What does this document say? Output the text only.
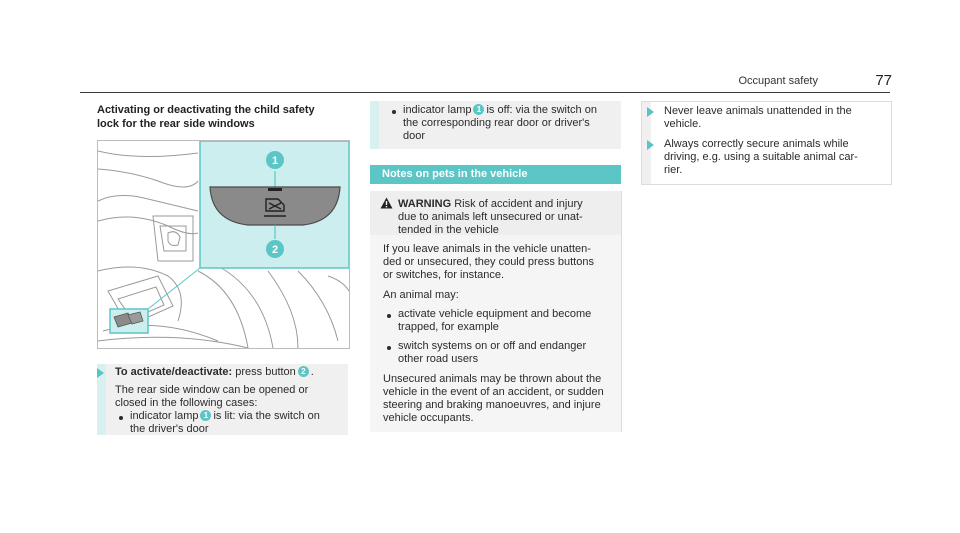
Occupant safety	77
Activating or deactivating the child safety
lock for the rear side windows
1
2
To activate/deactivate: press button 2 .
The rear side window can be opened or
closed in the following cases:
indicator lamp 1 is lit: via the switch on
the driver's door
indicator lamp 1 is off: via the switch on
the corresponding rear door or driver's
door
Notes on pets in the vehicle
WARNING Risk of accident and injury
due to animals left unsecured or unat-
tended in the vehicle
If you leave animals in the vehicle unatten-
ded or unsecured, they could press buttons
or switches, for instance.
An animal may:
activate vehicle equipment and become
trapped, for example
switch systems on or off and endanger
other road users
Unsecured animals may be thrown about the
vehicle in the event of an accident, or sudden
steering and braking manoeuvres, and injure
vehicle occupants.
Never leave animals unattended in the
vehicle.
Always correctly secure animals while
driving, e.g. using a suitable animal car-
rier.
